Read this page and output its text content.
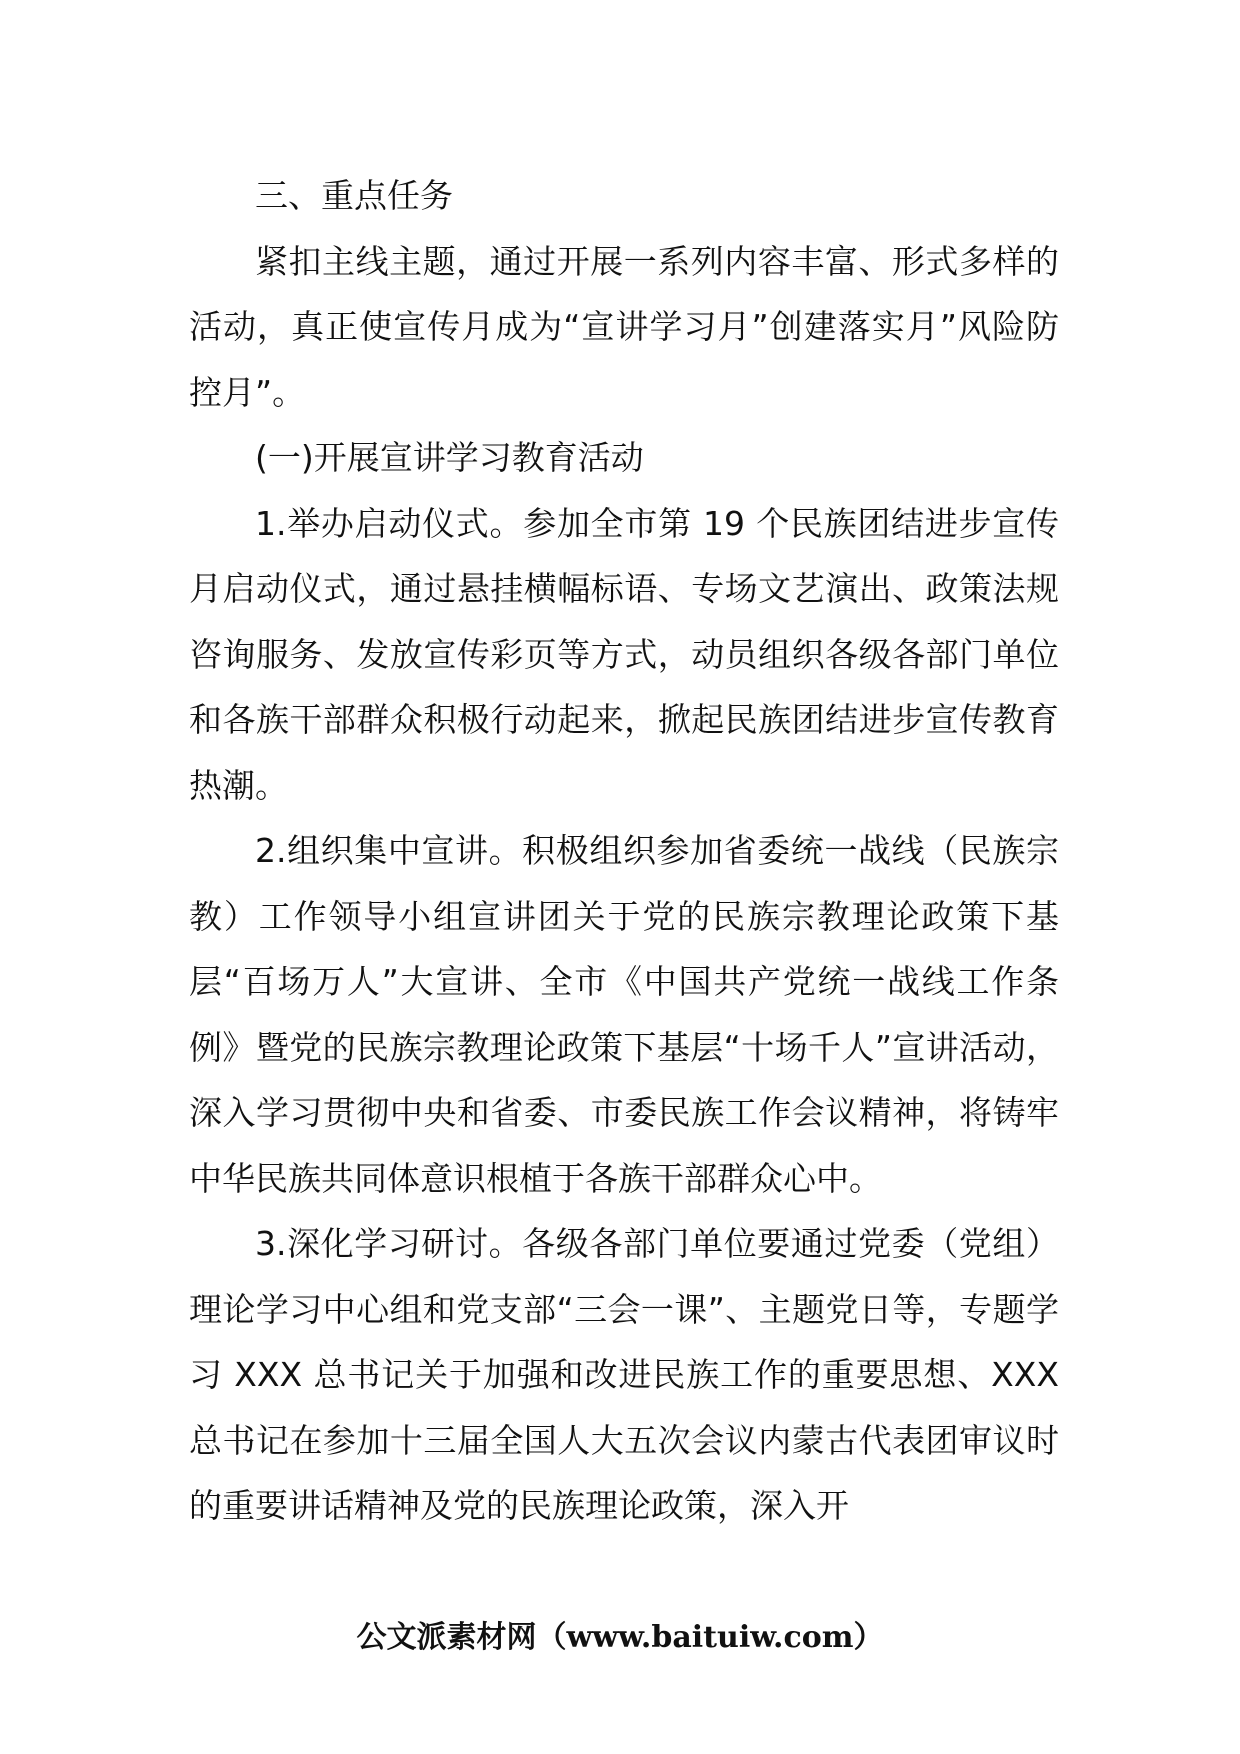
三、重点任务

紧扣主线主题，通过开展一系列内容丰富、形式多样的活动，真正使宣传月成为“宣讲学习月”创建落实月”风险防控月”。

(一)开展宣讲学习教育活动

1.举办启动仪式。参加全市第 19 个民族团结进步宣传月启动仪式，通过悬挂横幅标语、专场文艺演出、政策法规咨询服务、发放宣传彩页等方式，动员组织各级各部门单位和各族干部群众积极行动起来，掀起民族团结进步宣传教育热潮。

2.组织集中宣讲。积极组织参加省委统一战线（民族宗教）工作领导小组宣讲团关于党的民族宗教理论政策下基层“百场万人”大宣讲、全市《中国共产党统一战线工作条例》暨党的民族宗教理论政策下基层“十场千人”宣讲活动，深入学习贯彻中央和省委、市委民族工作会议精神，将铸牢中华民族共同体意识根植于各族干部群众心中。

3.深化学习研讨。各级各部门单位要通过党委（党组）理论学习中心组和党支部“三会一课”、主题党日等，专题学习 XXX 总书记关于加强和改进民族工作的重要思想、XXX 总书记在参加十三届全国人大五次会议内蒙古代表团审议时的重要讲话精神及党的民族理论政策，深入开

公文派素材网（www.baituiw.com）
